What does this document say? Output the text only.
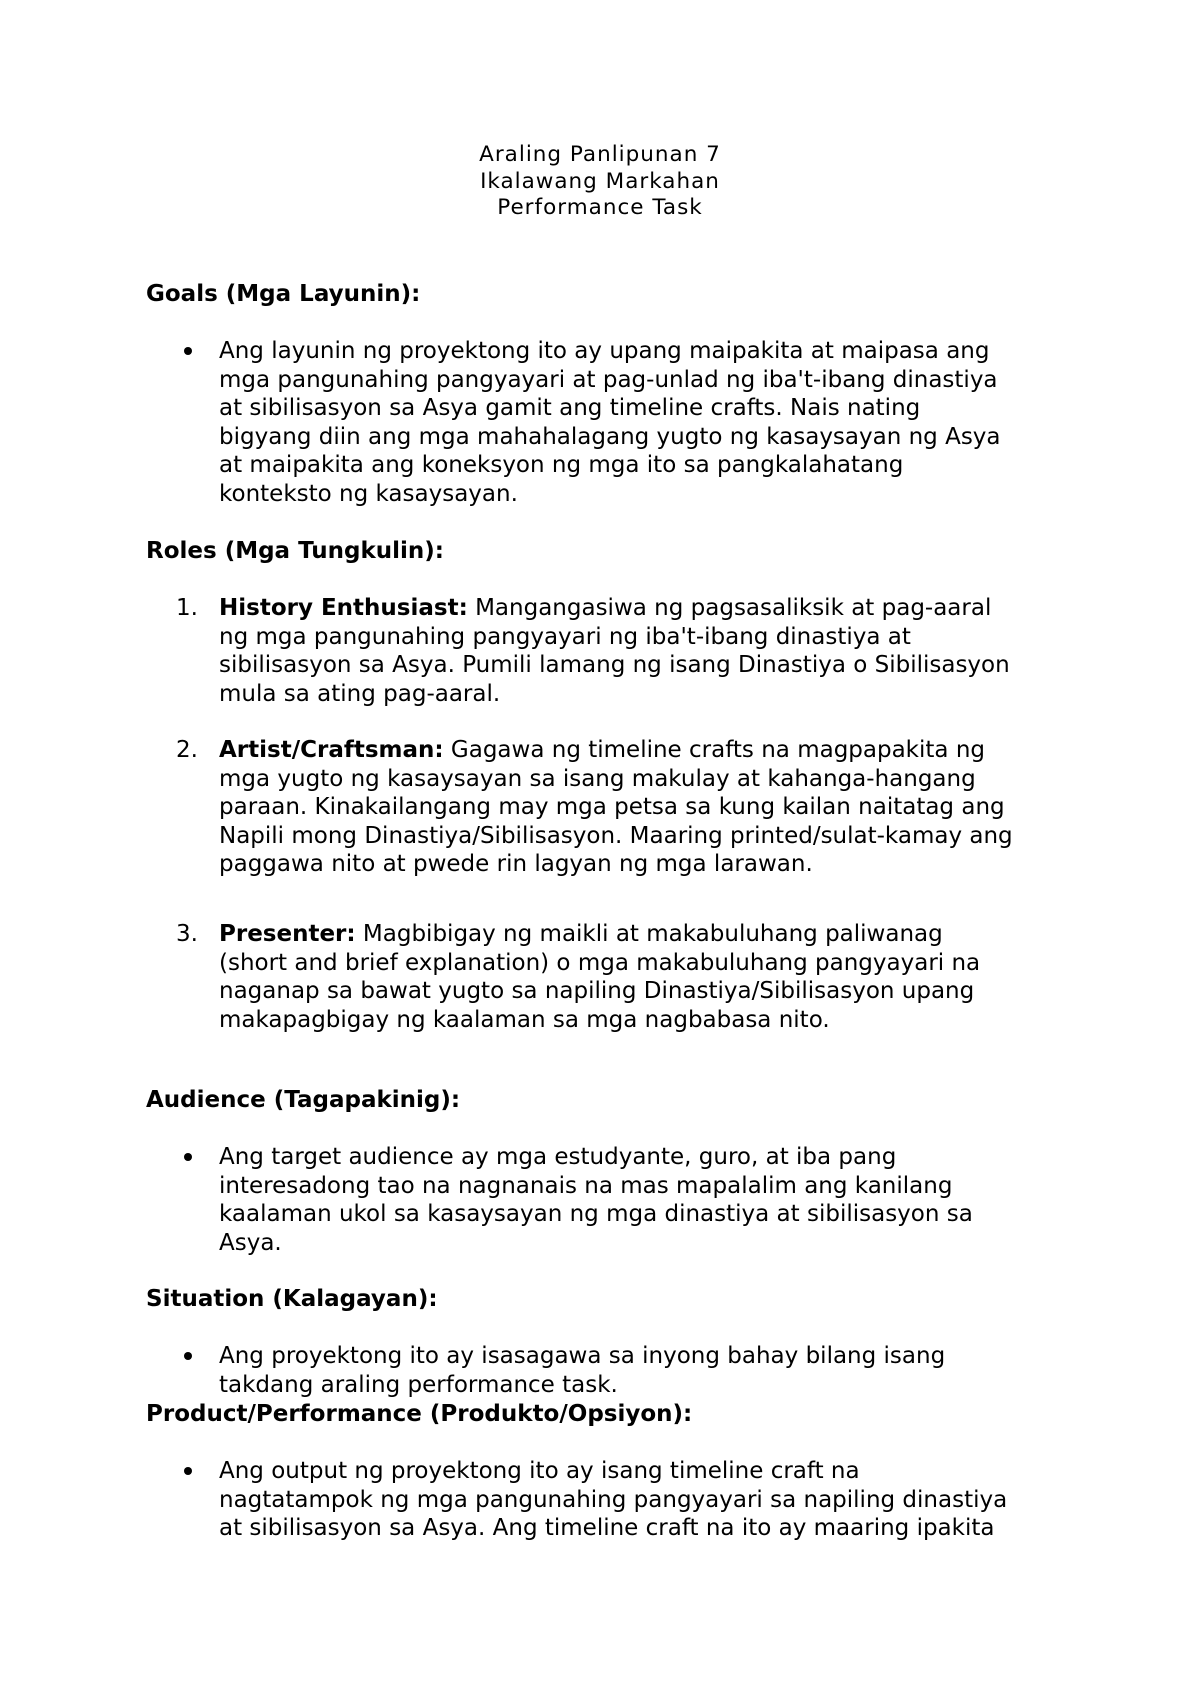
Araling Panlipunan 7
Ikalawang Markahan
Performance Task
Goals (Mga Layunin):
Ang layunin ng proyektong ito ay upang maipakita at maipasa ang
mga pangunahing pangyayari at pag-unlad ng iba't-ibang dinastiya
at sibilisasyon sa Asya gamit ang timeline crafts. Nais nating
bigyang diin ang mga mahahalagang yugto ng kasaysayan ng Asya
at maipakita ang koneksyon ng mga ito sa pangkalahatang
konteksto ng kasaysayan.
Roles (Mga Tungkulin):
1. History Enthusiast: Mangangasiwa ng pagsasaliksik at pag-aaral
ng mga pangunahing pangyayari ng iba't-ibang dinastiya at
sibilisasyon sa Asya. Pumili lamang ng isang Dinastiya o Sibilisasyon
mula sa ating pag-aaral.
2. Artist/Craftsman: Gagawa ng timeline crafts na magpapakita ng
mga yugto ng kasaysayan sa isang makulay at kahanga-hangang
paraan. Kinakailangang may mga petsa sa kung kailan naitatag ang
Napili mong Dinastiya/Sibilisasyon. Maaring printed/sulat-kamay ang
paggawa nito at pwede rin lagyan ng mga larawan.
3. Presenter: Magbibigay ng maikli at makabuluhang paliwanag
(short and brief explanation) o mga makabuluhang pangyayari na
naganap sa bawat yugto sa napiling Dinastiya/Sibilisasyon upang
makapagbigay ng kaalaman sa mga nagbabasa nito.
Audience (Tagapakinig):
Ang target audience ay mga estudyante, guro, at iba pang
interesadong tao na nagnanais na mas mapalalim ang kanilang
kaalaman ukol sa kasaysayan ng mga dinastiya at sibilisasyon sa
Asya.
Situation (Kalagayan):
Ang proyektong ito ay isasagawa sa inyong bahay bilang isang
takdang araling performance task.
Product/Performance (Produkto/Opsiyon):
Ang output ng proyektong ito ay isang timeline craft na
nagtatampok ng mga pangunahing pangyayari sa napiling dinastiya
at sibilisasyon sa Asya. Ang timeline craft na ito ay maaring ipakita
